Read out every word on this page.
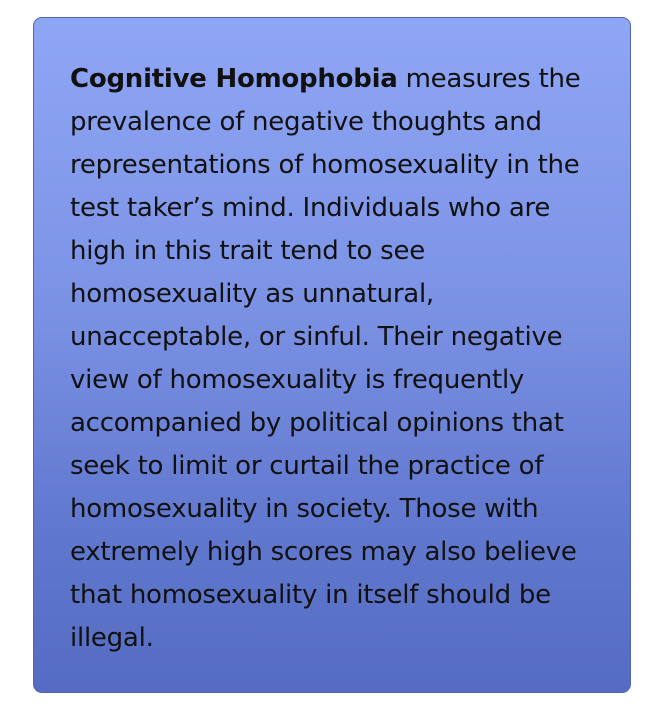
Cognitive Homophobia measures the prevalence of negative thoughts and representations of homosexuality in the test taker’s mind. Individuals who are high in this trait tend to see homosexuality as unnatural, unacceptable, or sinful. Their negative view of homosexuality is frequently accompanied by political opinions that seek to limit or curtail the practice of homosexuality in society. Those with extremely high scores may also believe that homosexuality in itself should be illegal.
